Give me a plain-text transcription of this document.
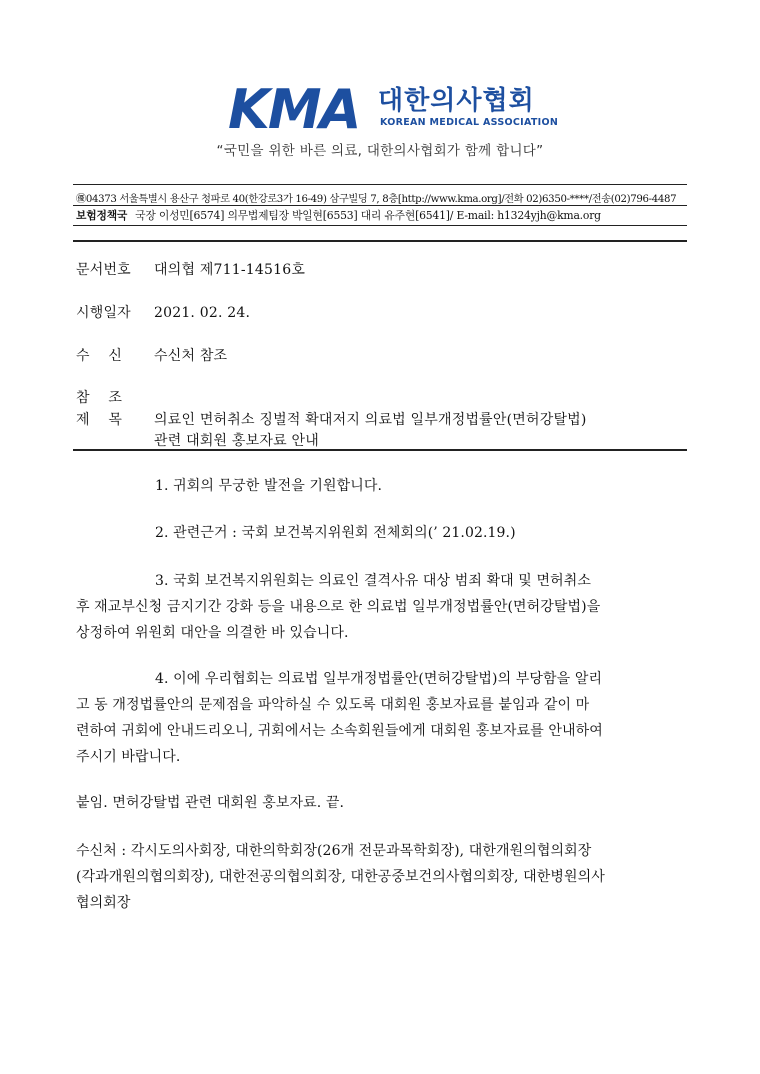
KMA 대한의사협회
KOREAN MEDICAL ASSOCIATION
“국민을 위한 바른 의료, 대한의사협회가 함께 합니다”
㊝04373 서울특별시 용산구 청파로 40(한강로3가 16-49) 삼구빌딩 7, 8층[http://www.kma.org]/전화 02)6350-****/전송(02)796-4487
보험정책국 국장 이성민[6574] 의무법제팀장 박일현[6553] 대리 유주현[6541]/ E-mail: h1324yjh@kma.org
문서번호 대의협 제711-14516호
시행일자 2021. 02. 24.
수    신 수신처 참조
참    조
제    목 의료인 면허취소 징벌적 확대저지 의료법 일부개정법률안(면허강탈법)
관련 대회원 홍보자료 안내
1. 귀회의 무궁한 발전을 기원합니다.
2. 관련근거 : 국회 보건복지위원회 전체회의(’ 21.02.19.)
3. 국회 보건복지위원회는 의료인 결격사유 대상 범죄 확대 및 면허취소
후 재교부신청 금지기간 강화 등을 내용으로 한 의료법 일부개정법률안(면허강탈법)을
상정하여 위원회 대안을 의결한 바 있습니다.
4. 이에 우리협회는 의료법 일부개정법률안(면허강탈법)의 부당함을 알리
고 동 개정법률안의 문제점을 파악하실 수 있도록 대회원 홍보자료를 붙임과 같이 마
련하여 귀회에 안내드리오니, 귀회에서는 소속회원들에게 대회원 홍보자료를 안내하여
주시기 바랍니다.
붙임. 면허강탈법 관련 대회원 홍보자료. 끝.
수신처 : 각시도의사회장, 대한의학회장(26개 전문과목학회장), 대한개원의협의회장
(각과개원의협의회장), 대한전공의협의회장, 대한공중보건의사협의회장, 대한병원의사
협의회장
